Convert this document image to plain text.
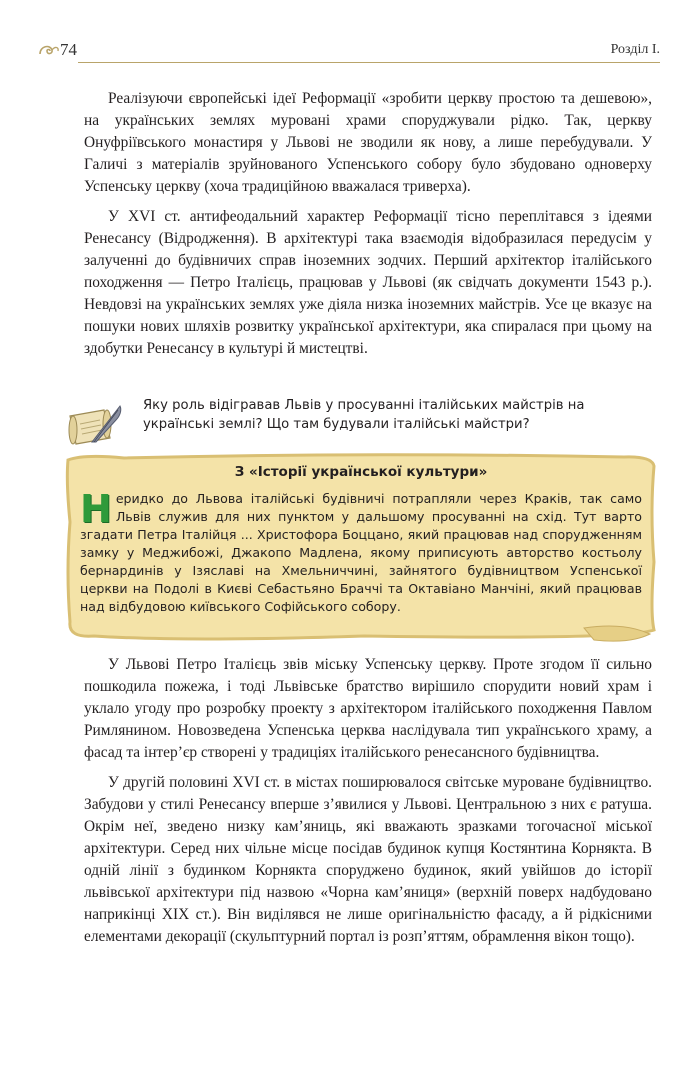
74	Розділ I.

Реалізуючи європейські ідеї Реформації «зробити церкву простою та дешевою», на українських землях муровані храми споруджували рідко. Так, церкву Онуфріївського монастиря у Львові не зводили як нову, а лише перебудували. У Галичі з матеріалів зруйнованого Успенського собору було збудовано одноверху Успенську церкву (хоча традиційною вважалася триверха).

У XVI ст. антифеодальний характер Реформації тісно переплітався з ідеями Ренесансу (Відродження). В архітектурі така взаємодія відобразилася передусім у залученні до будівничих справ іноземних зодчих. Перший архітектор італійського походження — Петро Італієць, працював у Львові (як свідчать документи 1543 р.). Невдовзі на українських землях уже діяла низка іноземних майстрів. Усе це вказує на пошуки нових шляхів розвитку української архітектури, яка спиралася при цьому на здобутки Ренесансу в культурі й мистецтві.

Яку роль відігравав Львів у просуванні італійських майстрів на українські землі? Що там будували італійські майстри?

З «Історії української культури»

Неридко до Львова італійські будівничі потрапляли через Краків, так само Львів служив для них пунктом у дальшому просуванні на схід. Тут варто згадати Петра Італійця ... Христофора Боццано, який працював над спорудженням замку у Меджибожі, Джакопо Мадлена, якому приписують авторство костьолу бернардинів у Ізяславі на Хмельниччині, зайнятого будівництвом Успенської церкви на Подолі в Києві Себастьяно Браччі та Октавіано Манчіні, який працював над відбудовою київського Софійського собору.

У Львові Петро Італієць звів міську Успенську церкву. Проте згодом її сильно пошкодила пожежа, і тоді Львівське братство вирішило спорудити новий храм і уклало угоду про розробку проекту з архітектором італійського походження Павлом Римлянином. Новозведена Успенська церква наслідувала тип українського храму, а фасад та інтер’єр створені у традиціях італійського ренесансного будівництва.

У другій половині XVI ст. в містах поширювалося світське муроване будівництво. Забудови у стилі Ренесансу вперше з’явилися у Львові. Центральною з них є ратуша. Окрім неї, зведено низку кам’яниць, які вважають зразками тогочасної міської архітектури. Серед них чільне місце посідав будинок купця Костянтина Корнякта. В одній лінії з будинком Корнякта споруджено будинок, який увійшов до історії львівської архітектури під назвою «Чорна кам’яниця» (верхній поверх надбудовано наприкінці XIX ст.). Він виділявся не лише оригінальністю фасаду, а й рідкісними елементами декорації (скульптурний портал із розп’яттям, обрамлення вікон тощо).
